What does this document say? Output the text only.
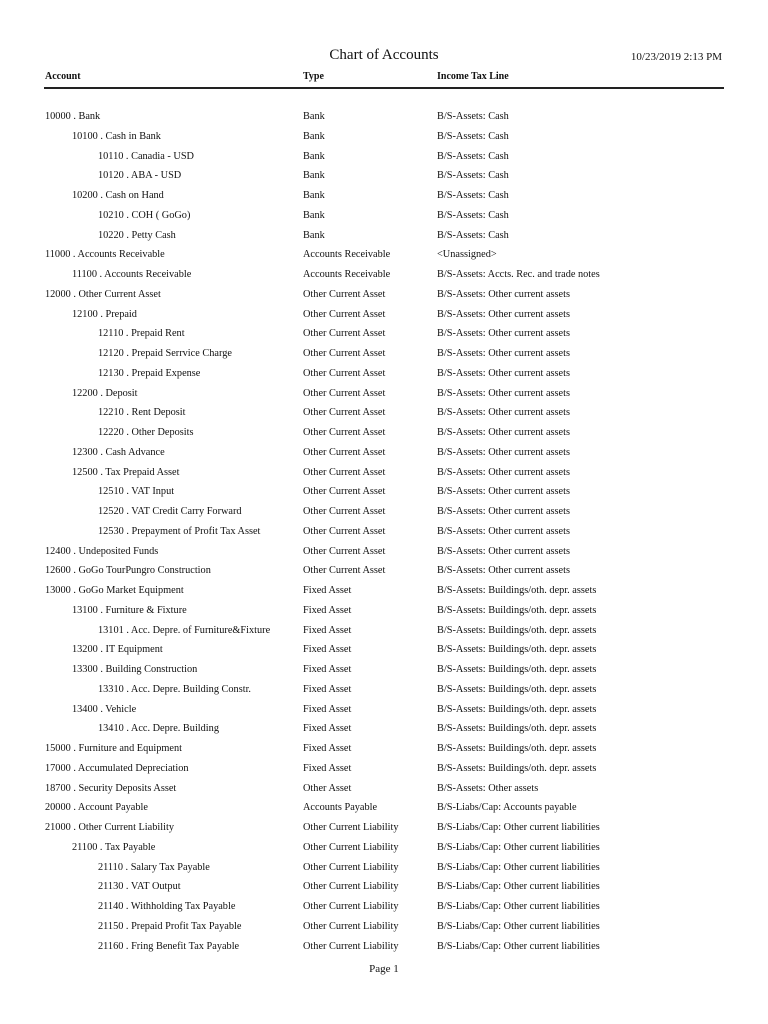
Chart of Accounts	10/23/2019 2:13 PM
Account	Type	Income Tax Line
10000 . Bank	Bank	B/S-Assets: Cash
10100 . Cash in Bank	Bank	B/S-Assets: Cash
10110 . Canadia - USD	Bank	B/S-Assets: Cash
10120 . ABA - USD	Bank	B/S-Assets: Cash
10200 . Cash on Hand	Bank	B/S-Assets: Cash
10210 . COH ( GoGo)	Bank	B/S-Assets: Cash
10220 . Petty Cash	Bank	B/S-Assets: Cash
11000 . Accounts Receivable	Accounts Receivable	<Unassigned>
11100 . Accounts Receivable	Accounts Receivable	B/S-Assets: Accts. Rec. and trade notes
12000 . Other Current Asset	Other Current Asset	B/S-Assets: Other current assets
12100 . Prepaid	Other Current Asset	B/S-Assets: Other current assets
12110 . Prepaid Rent	Other Current Asset	B/S-Assets: Other current assets
12120 . Prepaid Serrvice Charge	Other Current Asset	B/S-Assets: Other current assets
12130 . Prepaid Expense	Other Current Asset	B/S-Assets: Other current assets
12200 . Deposit	Other Current Asset	B/S-Assets: Other current assets
12210 . Rent Deposit	Other Current Asset	B/S-Assets: Other current assets
12220 . Other Deposits	Other Current Asset	B/S-Assets: Other current assets
12300 . Cash Advance	Other Current Asset	B/S-Assets: Other current assets
12500 . Tax Prepaid Asset	Other Current Asset	B/S-Assets: Other current assets
12510 . VAT Input	Other Current Asset	B/S-Assets: Other current assets
12520 . VAT Credit Carry Forward	Other Current Asset	B/S-Assets: Other current assets
12530 . Prepayment of Profit Tax Asset	Other Current Asset	B/S-Assets: Other current assets
12400 . Undeposited Funds	Other Current Asset	B/S-Assets: Other current assets
12600 . GoGo TourPungro Construction	Other Current Asset	B/S-Assets: Other current assets
13000 . GoGo Market Equipment	Fixed Asset	B/S-Assets: Buildings/oth. depr. assets
13100 . Furniture & Fixture	Fixed Asset	B/S-Assets: Buildings/oth. depr. assets
13101 . Acc. Depre. of Furniture&Fixture	Fixed Asset	B/S-Assets: Buildings/oth. depr. assets
13200 . IT Equipment	Fixed Asset	B/S-Assets: Buildings/oth. depr. assets
13300 . Building Construction	Fixed Asset	B/S-Assets: Buildings/oth. depr. assets
13310 . Acc. Depre. Building Constr.	Fixed Asset	B/S-Assets: Buildings/oth. depr. assets
13400 . Vehicle	Fixed Asset	B/S-Assets: Buildings/oth. depr. assets
13410 . Acc. Depre. Building	Fixed Asset	B/S-Assets: Buildings/oth. depr. assets
15000 . Furniture and Equipment	Fixed Asset	B/S-Assets: Buildings/oth. depr. assets
17000 . Accumulated Depreciation	Fixed Asset	B/S-Assets: Buildings/oth. depr. assets
18700 . Security Deposits Asset	Other Asset	B/S-Assets: Other assets
20000 . Account Payable	Accounts Payable	B/S-Liabs/Cap: Accounts payable
21000 . Other Current Liability	Other Current Liability	B/S-Liabs/Cap: Other current liabilities
21100 . Tax Payable	Other Current Liability	B/S-Liabs/Cap: Other current liabilities
21110 . Salary Tax Payable	Other Current Liability	B/S-Liabs/Cap: Other current liabilities
21130 . VAT Output	Other Current Liability	B/S-Liabs/Cap: Other current liabilities
21140 . Withholding Tax Payable	Other Current Liability	B/S-Liabs/Cap: Other current liabilities
21150 . Prepaid Profit Tax Payable	Other Current Liability	B/S-Liabs/Cap: Other current liabilities
21160 . Fring Benefit Tax Payable	Other Current Liability	B/S-Liabs/Cap: Other current liabilities
Page 1
